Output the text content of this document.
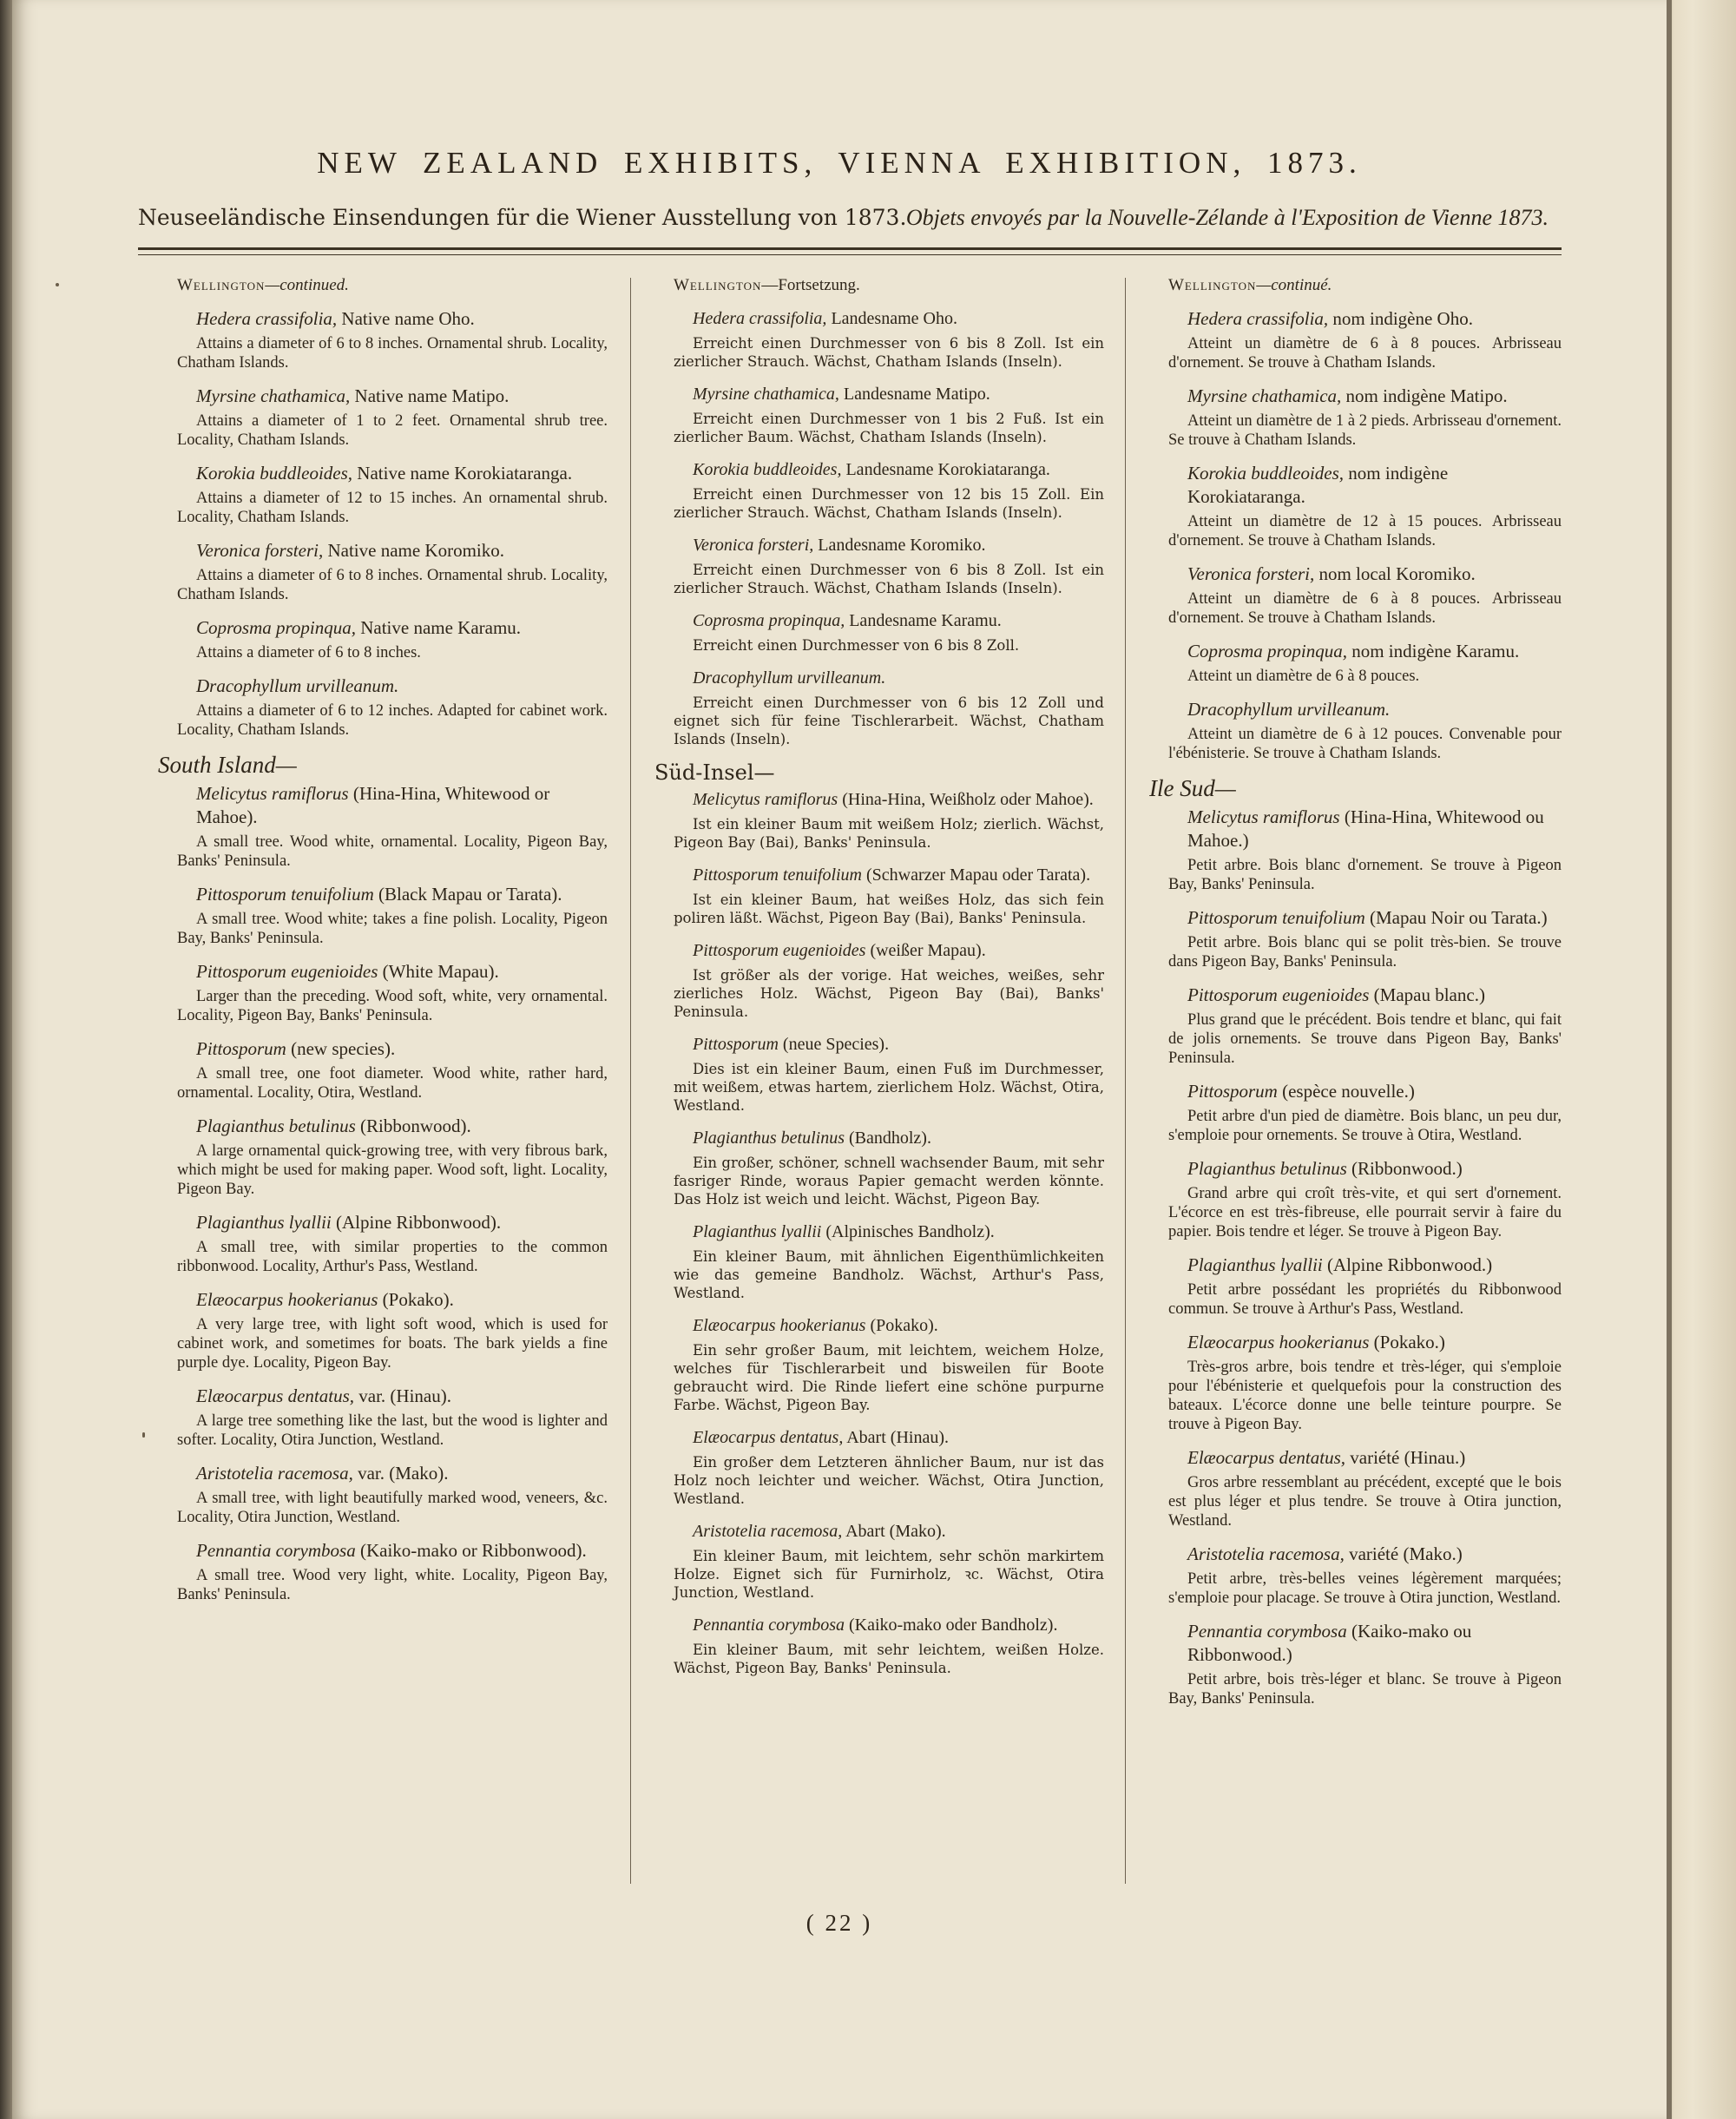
NEW ZEALAND EXHIBITS, VIENNA EXHIBITION, 1873.
Neuseeländische Einsendungen für die Wiener Ausstellung von 1873. Objets envoyés par la Nouvelle-Zélande à l'Exposition de Vienne 1873.
Wellington—continued.
Hedera crassifolia, Native name Oho.
Attains a diameter of 6 to 8 inches. Ornamental shrub. Locality, Chatham Islands.
Myrsine chathamica, Native name Matipo.
Attains a diameter of 1 to 2 feet. Ornamental shrub tree. Locality, Chatham Islands.
Korokia buddleoides, Native name Korokiataranga.
Attains a diameter of 12 to 15 inches. An ornamental shrub. Locality, Chatham Islands.
Veronica forsteri, Native name Koromiko.
Attains a diameter of 6 to 8 inches. Ornamental shrub. Locality, Chatham Islands.
Coprosma propinqua, Native name Karamu.
Attains a diameter of 6 to 8 inches.
Dracophyllum urvilleanum.
Attains a diameter of 6 to 12 inches. Adapted for cabinet work. Locality, Chatham Islands.
South Island—
Melicytus ramiflorus (Hina-Hina, Whitewood or Mahoe).
A small tree. Wood white, ornamental. Locality, Pigeon Bay, Banks' Peninsula.
Pittosporum tenuifolium (Black Mapau or Tarata).
A small tree. Wood white; takes a fine polish. Locality, Pigeon Bay, Banks' Peninsula.
Pittosporum eugenioides (White Mapau).
Larger than the preceding. Wood soft, white, very ornamental. Locality, Pigeon Bay, Banks' Peninsula.
Pittosporum (new species).
A small tree, one foot diameter. Wood white, rather hard, ornamental. Locality, Otira, Westland.
Plagianthus betulinus (Ribbonwood).
A large ornamental quick-growing tree, with very fibrous bark, which might be used for making paper. Wood soft, light. Locality, Pigeon Bay.
Plagianthus lyallii (Alpine Ribbonwood).
A small tree, with similar properties to the common ribbonwood. Locality, Arthur's Pass, Westland.
Elæocarpus hookerianus (Pokako).
A very large tree, with light soft wood, which is used for cabinet work, and sometimes for boats. The bark yields a fine purple dye. Locality, Pigeon Bay.
Elæocarpus dentatus, var. (Hinau).
A large tree something like the last, but the wood is lighter and softer. Locality, Otira Junction, Westland.
Aristotelia racemosa, var. (Mako).
A small tree, with light beautifully marked wood, veneers, &c. Locality, Otira Junction, Westland.
Pennantia corymbosa (Kaiko-mako or Ribbonwood).
A small tree. Wood very light, white. Locality, Pigeon Bay, Banks' Peninsula.
Wellington—Fortsetzung.
Hedera crassifolia, Landesname Oho.
Erreicht einen Durchmesser von 6 bis 8 Zoll. Ist ein zierlicher Strauch. Wächst, Chatham Islands (Inseln).
Myrsine chathamica, Landesname Matipo.
Erreicht einen Durchmesser von 1 bis 2 Fuß. Ist ein zierlicher Baum. Wächst, Chatham Islands (Inseln).
Korokia buddleoides, Landesname Korokiataranga.
Erreicht einen Durchmesser von 12 bis 15 Zoll. Ein zierlicher Strauch. Wächst, Chatham Islands (Inseln).
Veronica forsteri, Landesname Koromiko.
Erreicht einen Durchmesser von 6 bis 8 Zoll. Ist ein zierlicher Strauch. Wächst, Chatham Islands (Inseln).
Coprosma propinqua, Landesname Karamu.
Erreicht einen Durchmesser von 6 bis 8 Zoll.
Dracophyllum urvilleanum.
Erreicht einen Durchmesser von 6 bis 12 Zoll und eignet sich für feine Tischlerarbeit. Wächst, Chatham Islands (Inseln).
Süd-Insel—
Melicytus ramiflorus (Hina-Hina, Weißholz oder Mahoe).
Ist ein kleiner Baum mit weißem Holz; zierlich. Wächst, Pigeon Bay (Bai), Banks' Peninsula.
Pittosporum tenuifolium (Schwarzer Mapau oder Tarata).
Ist ein kleiner Baum, hat weißes Holz, das sich fein poliren läßt. Wächst, Pigeon Bay (Bai), Banks' Peninsula.
Pittosporum eugenioides (weißer Mapau).
Ist größer als der vorige. Hat weiches, weißes, sehr zierliches Holz. Wächst, Pigeon Bay (Bai), Banks' Peninsula.
Pittosporum (neue Species).
Dies ist ein kleiner Baum, einen Fuß im Durchmesser, mit weißem, etwas hartem, zierlichem Holz. Wächst, Otira, Westland.
Plagianthus betulinus (Bandholz).
Ein großer, schöner, schnell wachsender Baum, mit sehr fasriger Rinde, woraus Papier gemacht werden könnte. Das Holz ist weich und leicht. Wächst, Pigeon Bay.
Plagianthus lyallii (Alpinisches Bandholz).
Ein kleiner Baum, mit ähnlichen Eigenthümlichkeiten wie das gemeine Bandholz. Wächst, Arthur's Pass, Westland.
Elæocarpus hookerianus (Pokako).
Ein sehr großer Baum, mit leichtem, weichem Holze, welches für Tischlerarbeit und bisweilen für Boote gebraucht wird. Die Rinde liefert eine schöne purpurne Farbe. Wächst, Pigeon Bay.
Elæocarpus dentatus, Abart (Hinau).
Ein großer dem Letzteren ähnlicher Baum, nur ist das Holz noch leichter und weicher. Wächst, Otira Junction, Westland.
Aristotelia racemosa, Abart (Mako).
Ein kleiner Baum, mit leichtem, sehr schön markirtem Holze. Eignet sich für Furnirholz, ꝛc. Wächst, Otira Junction, Westland.
Pennantia corymbosa (Kaiko-mako oder Bandholz).
Ein kleiner Baum, mit sehr leichtem, weißen Holze. Wächst, Pigeon Bay, Banks' Peninsula.
Wellington—continué.
Hedera crassifolia, nom indigène Oho.
Atteint un diamètre de 6 à 8 pouces. Arbrisseau d'ornement. Se trouve à Chatham Islands.
Myrsine chathamica, nom indigène Matipo.
Atteint un diamètre de 1 à 2 pieds. Arbrisseau d'ornement. Se trouve à Chatham Islands.
Korokia buddleoides, nom indigène Korokiataranga.
Atteint un diamètre de 12 à 15 pouces. Arbrisseau d'ornement. Se trouve à Chatham Islands.
Veronica forsteri, nom local Koromiko.
Atteint un diamètre de 6 à 8 pouces. Arbrisseau d'ornement. Se trouve à Chatham Islands.
Coprosma propinqua, nom indigène Karamu.
Atteint un diamètre de 6 à 8 pouces.
Dracophyllum urvilleanum.
Atteint un diamètre de 6 à 12 pouces. Convenable pour l'ébénisterie. Se trouve à Chatham Islands.
Ile Sud—
Melicytus ramiflorus (Hina-Hina, Whitewood ou Mahoe.)
Petit arbre. Bois blanc d'ornement. Se trouve à Pigeon Bay, Banks' Peninsula.
Pittosporum tenuifolium (Mapau Noir ou Tarata.)
Petit arbre. Bois blanc qui se polit très-bien. Se trouve dans Pigeon Bay, Banks' Peninsula.
Pittosporum eugenioides (Mapau blanc.)
Plus grand que le précédent. Bois tendre et blanc, qui fait de jolis ornements. Se trouve dans Pigeon Bay, Banks' Peninsula.
Pittosporum (espèce nouvelle.)
Petit arbre d'un pied de diamètre. Bois blanc, un peu dur, s'emploie pour ornements. Se trouve à Otira, Westland.
Plagianthus betulinus (Ribbonwood.)
Grand arbre qui croît très-vite, et qui sert d'ornement. L'écorce en est très-fibreuse, elle pourrait servir à faire du papier. Bois tendre et léger. Se trouve à Pigeon Bay.
Plagianthus lyallii (Alpine Ribbonwood.)
Petit arbre possédant les propriétés du Ribbonwood commun. Se trouve à Arthur's Pass, Westland.
Elæocarpus hookerianus (Pokako.)
Très-gros arbre, bois tendre et très-léger, qui s'emploie pour l'ébénisterie et quelquefois pour la construction des bateaux. L'écorce donne une belle teinture pourpre. Se trouve à Pigeon Bay.
Elæocarpus dentatus, variété (Hinau.)
Gros arbre ressemblant au précédent, excepté que le bois est plus léger et plus tendre. Se trouve à Otira junction, Westland.
Aristotelia racemosa, variété (Mako.)
Petit arbre, très-belles veines légèrement marquées; s'emploie pour placage. Se trouve à Otira junction, Westland.
Pennantia corymbosa (Kaiko-mako ou Ribbonwood.)
Petit arbre, bois très-léger et blanc. Se trouve à Pigeon Bay, Banks' Peninsula.
( 22 )
